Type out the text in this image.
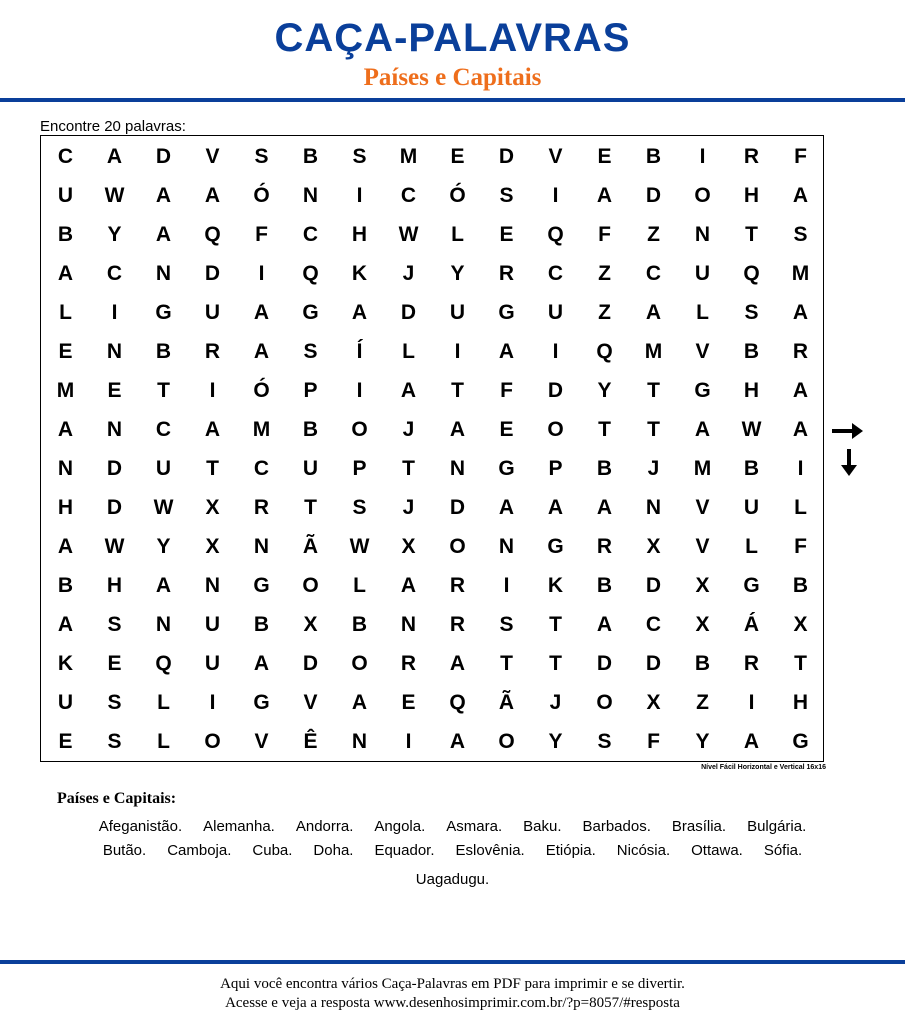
CAÇA-PALAVRAS
Países e Capitais
Encontre 20 palavras:
C	A	D	V	S	B	S	M	E	D	V	E	B	I	R	F
U	W	A	A	Ó	N	I	C	Ó	S	I	A	D	O	H	A
B	Y	A	Q	F	C	H	W	L	E	Q	F	Z	N	T	S
A	C	N	D	I	Q	K	J	Y	R	C	Z	C	U	Q	M
L	I	G	U	A	G	A	D	U	G	U	Z	A	L	S	A
E	N	B	R	A	S	Í	L	I	A	I	Q	M	V	B	R
M	E	T	I	Ó	P	I	A	T	F	D	Y	T	G	H	A
A	N	C	A	M	B	O	J	A	E	O	T	T	A	W	A
N	D	U	T	C	U	P	T	N	G	P	B	J	M	B	I
H	D	W	X	R	T	S	J	D	A	A	A	N	V	U	L
A	W	Y	X	N	Ã	W	X	O	N	G	R	X	V	L	F
B	H	A	N	G	O	L	A	R	I	K	B	D	X	G	B
A	S	N	U	B	X	B	N	R	S	T	A	C	X	Á	X
K	E	Q	U	A	D	O	R	A	T	T	D	D	B	R	T
U	S	L	I	G	V	A	E	Q	Ã	J	O	X	Z	I	H
E	S	L	O	V	Ê	N	I	A	O	Y	S	F	Y	A	G
Nível Fácil Horizontal e Vertical 16x16
Países e Capitais:
Afeganistão. Alemanha. Andorra. Angola. Asmara. Baku. Barbados. Brasília. Bulgária.
Butão. Camboja. Cuba. Doha. Equador. Eslovênia. Etiópia. Nicósia. Ottawa. Sófia.
Uagadugu.
Aqui você encontra vários Caça-Palavras em PDF para imprimir e se divertir.
Acesse e veja a resposta www.desenhosimprimir.com.br/?p=8057/#resposta
